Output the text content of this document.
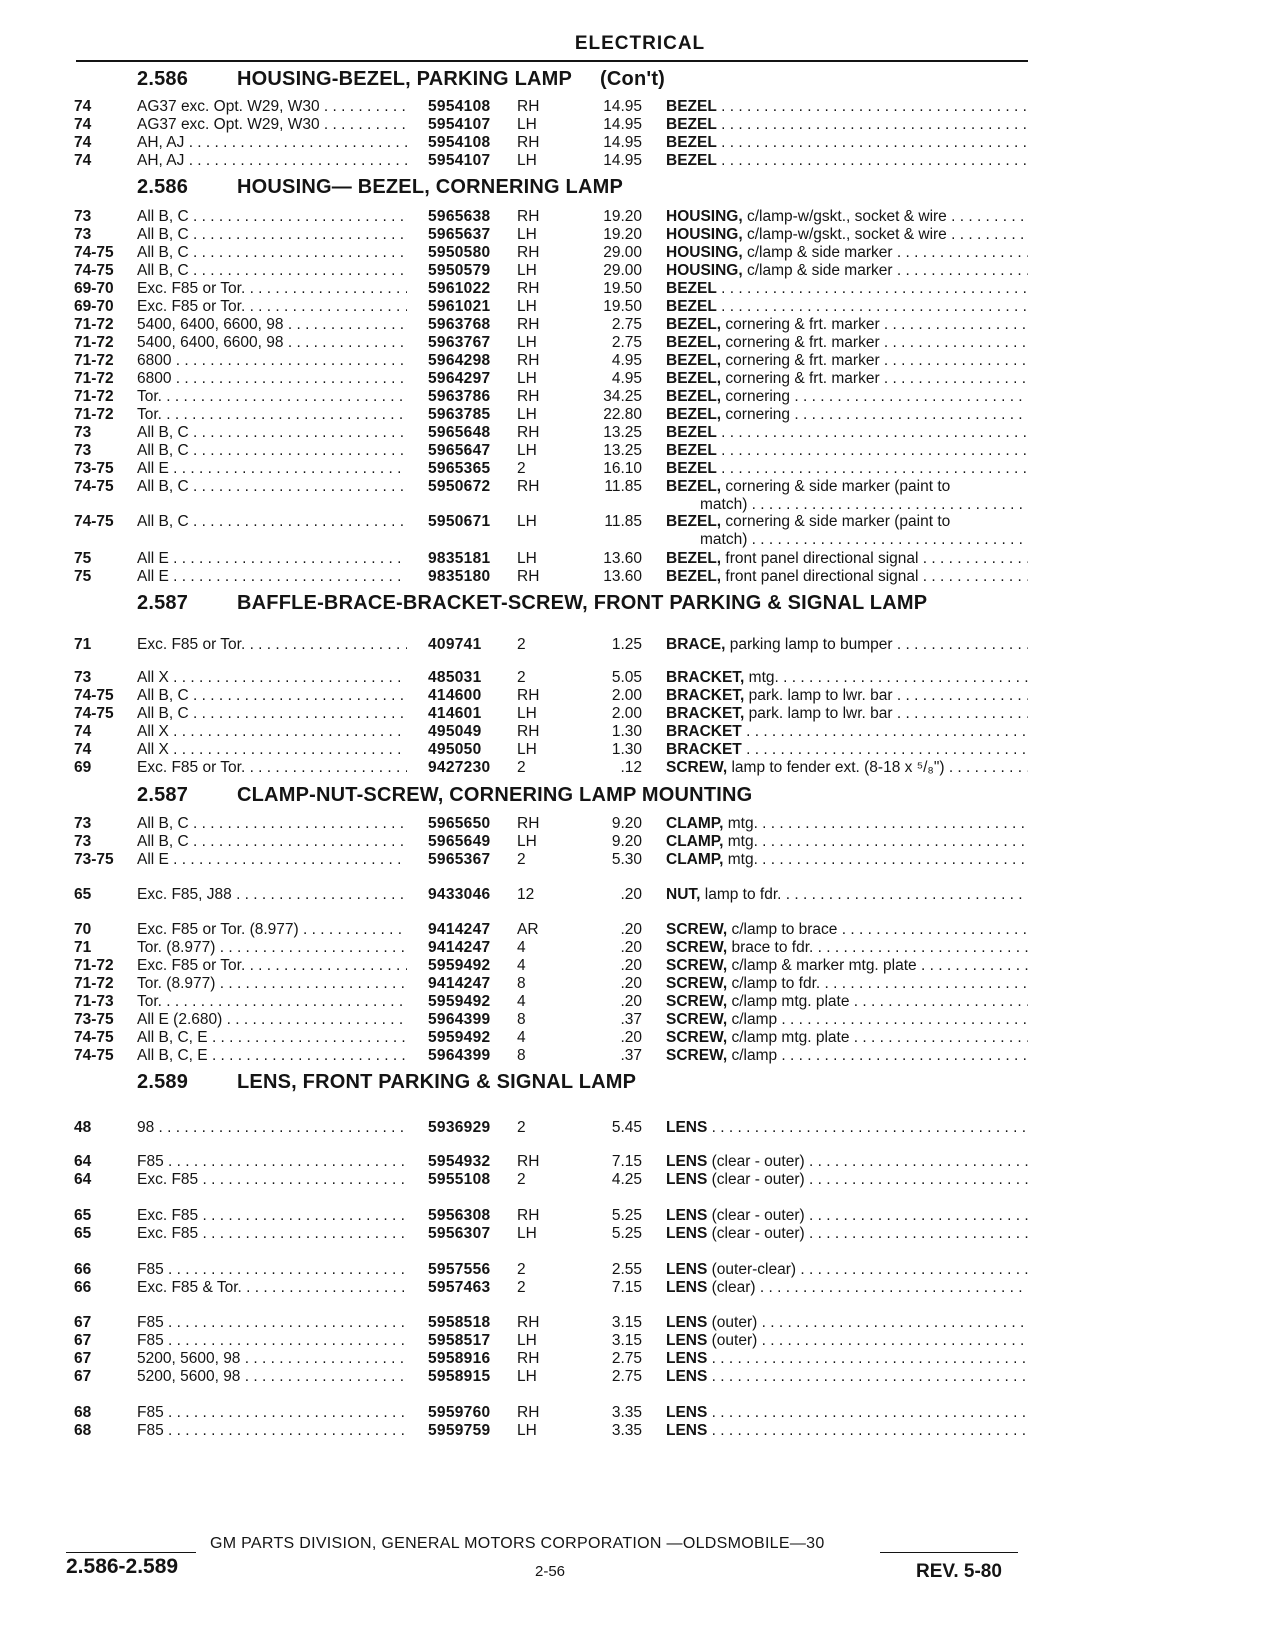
ELECTRICAL
2.586 HOUSING-BEZEL, PARKING LAMP (Con't)
74	AG37 exc. Opt. W29, W30 . . .	5954108 RH	14.95 BEZEL . . .
74	AG37 exc. Opt. W29, W30 . . .	5954107 LH	14.95 BEZEL . . .
74	AH, AJ . . .	5954108 RH	14.95 BEZEL . . .
74	AH, AJ . . .	5954107 LH	14.95 BEZEL . . .
2.586 HOUSING— BEZEL, CORNERING LAMP
73	All B, C . . .	5965638 RH	19.20 HOUSING, c/lamp-w/gskt., socket & wire . . .
73	All B, C . . .	5965637 LH	19.20 HOUSING, c/lamp-w/gskt., socket & wire . . .
74-75 All B, C . . .	5950580 RH	29.00 HOUSING, c/lamp & side marker . . .
74-75 All B, C . . .	5950579 LH	29.00 HOUSING, c/lamp & side marker . . .
69-70 Exc. F85 or Tor. . . .	5961022 RH	19.50 BEZEL . . .
69-70 Exc. F85 or Tor. . . .	5961021 LH	19.50 BEZEL . . .
71-72 5400, 6400, 6600, 98 . . .	5963768 RH	2.75 BEZEL, cornering & frt. marker . . .
71-72 5400, 6400, 6600, 98 . . .	5963767 LH	2.75 BEZEL, cornering & frt. marker . . .
71-72 6800 . . .	5964298 RH	4.95 BEZEL, cornering & frt. marker . . .
71-72 6800 . . .	5964297 LH	4.95 BEZEL, cornering & frt. marker . . .
71-72 Tor. . . .	5963786 RH	34.25 BEZEL, cornering . . .
71-72 Tor. . . .	5963785 LH	22.80 BEZEL, cornering . . .
73	All B, C . . .	5965648 RH	13.25 BEZEL . . .
73	All B, C . . .	5965647 LH	13.25 BEZEL . . .
73-75 All E . . .	5965365 2	16.10 BEZEL . . .
74-75 All B, C . . .	5950672 RH	11.85 BEZEL, cornering & side marker (paint to
match) . . .
74-75 All B, C . . .	5950671 LH	11.85 BEZEL, cornering & side marker (paint to
match) . . .
75	All E . . .	9835181 LH	13.60 BEZEL, front panel directional signal . . .
75	All E . . .	9835180 RH	13.60 BEZEL, front panel directional signal . . .
2.587 BAFFLE-BRACE-BRACKET-SCREW, FRONT PARKING & SIGNAL LAMP
71	Exc. F85 or Tor. . . .	409741 2	1.25 BRACE, parking lamp to bumper . . .
73	All X . . .	485031 2	5.05 BRACKET, mtg. . . .
74-75 All B, C . . .	414600 RH	2.00 BRACKET, park. lamp to lwr. bar . . .
74-75 All B, C . . .	414601 LH	2.00 BRACKET, park. lamp to lwr. bar . . .
74	All X . . .	495049 RH	1.30 BRACKET . . .
74	All X . . .	495050 LH	1.30 BRACKET . . .
69	Exc. F85 or Tor. . . .	9427230 2	.12 SCREW, lamp to fender ext. (8-18 x ⁵/₈") . . .
2.587 CLAMP-NUT-SCREW, CORNERING LAMP MOUNTING
73	All B, C . . .	5965650 RH	9.20 CLAMP, mtg. . . .
73	All B, C . . .	5965649 LH	9.20 CLAMP, mtg. . . .
73-75 All E . . .	5965367 2	5.30 CLAMP, mtg. . . .
65	Exc. F85, J88 . . .	9433046 12	.20 NUT, lamp to fdr. . . .
70	Exc. F85 or Tor. (8.977) . . .	9414247 AR	.20 SCREW, c/lamp to brace . . .
71	Tor. (8.977) . . .	9414247 4	.20 SCREW, brace to fdr. . . .
71-72 Exc. F85 or Tor. . . .	5959492 4	.20 SCREW, c/lamp & marker mtg. plate . . .
71-72 Tor. (8.977) . . .	9414247 8	.20 SCREW, c/lamp to fdr. . . .
71-73 Tor. . . .	5959492 4	.20 SCREW, c/lamp mtg. plate . . .
73-75 All E (2.680) . . .	5964399 8	.37 SCREW, c/lamp . . .
74-75 All B, C, E . . .	5959492 4	.20 SCREW, c/lamp mtg. plate . . .
74-75 All B, C, E . . .	5964399 8	.37 SCREW, c/lamp . . .
2.589 LENS, FRONT PARKING & SIGNAL LAMP
48	98 . . .	5936929 2	5.45 LENS . . .
64	F85 . . .	5954932 RH	7.15 LENS (clear - outer) . . .
64	Exc. F85 . . .	5955108 2	4.25 LENS (clear - outer) . . .
65	Exc. F85 . . .	5956308 RH	5.25 LENS (clear - outer) . . .
65	Exc. F85 . . .	5956307 LH	5.25 LENS (clear - outer) . . .
66	F85 . . .	5957556 2	2.55 LENS (outer-clear) . . .
66	Exc. F85 & Tor. . . .	5957463 2	7.15 LENS (clear) . . .
67	F85 . . .	5958518 RH	3.15 LENS (outer) . . .
67	F85 . . .	5958517 LH	3.15 LENS (outer) . . .
67	5200, 5600, 98 . . .	5958916 RH	2.75 LENS . . .
67	5200, 5600, 98 . . .	5958915 LH	2.75 LENS . . .
68	F85 . . .	5959760 RH	3.35 LENS . . .
68	F85 . . .	5959759 LH	3.35 LENS . . .
GM PARTS DIVISION, GENERAL MOTORS CORPORATION —OLDSMOBILE—30
2.586-2.589	2-56	REV. 5-80
